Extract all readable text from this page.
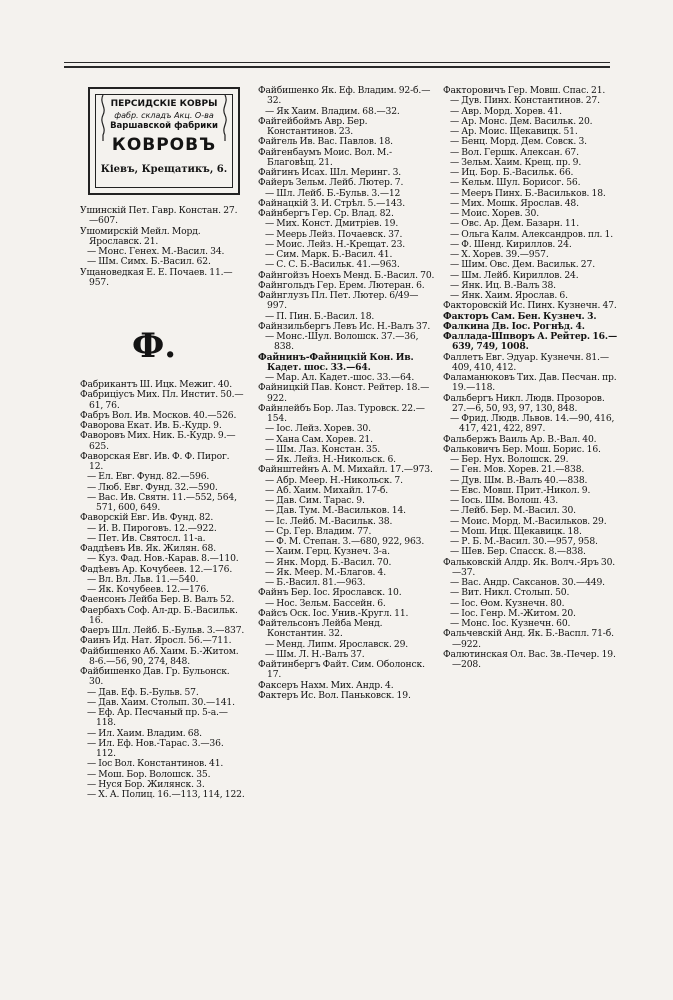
ПЕРСИДСКІЕ КОВРЫ
фабр. складъ Акц. О-ва
Варшавской фабрики
КОВРОВЪ
Кіевъ, Крещатикъ, 6.
Ушинскій Пет. Гавр. Констан. 27.—607.
Ушомирскій Мейл. Морд. Ярославск. 21.
— Монс. Генех. М.-Васил. 34.
— Шм. Симх. Б.-Васил. 62.
Ущановедкая Е. Е. Почаев. 11.—957.
Ф.
Фабрикантъ Ш. Ицк. Межиг. 40.
Фабриціусъ Мих. Пл. Инстит. 50.—61, 76.
Фабръ Вол. Ив. Москов. 40.—526.
Фаворова Екат. Ив. Б.-Кудр. 9.
Фаворовъ Мих. Ник. Б.-Кудр. 9.—625.
Фаворская Евг. Ив. Ф. Ф. Пирог. 12.
— Ел. Евг. Фунд. 82.—596.
— Люб. Евг. Фунд. 32.—590.
— Вас. Ив. Святн. 11.—552, 564, 571, 600, 649.
Фаворскій Евг. Ив. Фунд. 82.
— И. В. Пироговъ. 12.—922.
— Пет. Ив. Святосл. 11-а.
Фаддѣевъ Ив. Як. Жилян. 68.
— Куз. Фад. Нов.-Карав. 8.—110.
Фадѣевъ Ар. Кочубеев. 12.—176.
— Вл. Вл. Льв. 11.—540.
— Як. Кочубеев. 12.—176.
Фаенсонъ Лейба Бер. В. Валъ 52.
Фаербахъ Соф. Ал-др. Б.-Васильк. 16.
Фаеръ Шл. Лейб. Б.-Бульв. 3.—837.
Фаинъ Ид. Нат. Яросл. 56.—711.
Файбишенко Аб. Хаим. Б.-Житом. 8-6.—56, 90, 274, 848.
Файбишенко Дав. Гр. Бульонск. 30.
— Дав. Еф. Б.-Бульв. 57.
— Дав. Хаим. Столып. 30.—141.
— Еф. Ар. Песчаный пр. 5-а.—118.
— Ил. Хаим. Владим. 68.
— Ил. Еф. Нов.-Тарас. 3.—36. 112.
— Іос Вол. Константинов. 41.
— Мош. Бор. Волошск. 35.
— Нуся Бор. Жилянск. 3.
— Х. А. Полиц. 16.—113, 114, 122.
Файбишенко Як. Еф. Владим. 92-б.—32.
— Як Хаим. Владим. 68.—32.
Файгейбоймъ Авр. Бер. Константинов. 23.
Файгель Ив. Вас. Павлов. 18.
Файгенбаумъ Моис. Вол. М.-Благовѣщ. 21.
Файгинъ Исах. Шл. Меринг. 3.
Файеръ Зельм. Лейб. Лютер. 7.
— Шл. Лейб. Б.-Бульв. 3.—12
Файнацкій З. И. Стрѣл. 5.—143.
Файнбергъ Гер. Ср. Влад. 82.
— Мих. Конст. Дмитріев. 19.
— Меерь Лейз. Почаевск. 37.
— Моис. Лейз. Н.-Крещат. 23.
— Сим. Марк. Б.-Васил. 41.
— С. С. Б.-Васильк. 41.—963.
Файнгойзъ Ноехъ Менд. Б.-Васил. 70.
Файнгольдъ Гер. Ерем. Лютеран. 6.
Файнглузъ Пл. Пет. Лютер. 6/49—997.
— П. Пин. Б.-Васил. 18.
Файнзильбергъ Левъ Ис. Н.-Валъ 37.
— Монс.-Шул. Волошск. 37.—36, 838.
Файнинъ-Файницкій Кон. Ив. Кадет. шос. 33.—64.
— Мар. Ал. Кадет.-шос. 33.—64.
Файницкій Пав. Конст. Рейтер. 18.—922.
Файнлейбъ Бор. Лаз. Туровск. 22.—154.
— Іос. Лейз. Хорев. 30.
— Хана Сам. Хорев. 21.
— Шм. Лаз. Констан. 35.
— Як. Лейз. Н.-Никольск. 6.
Файнштейнъ А. М. Михайл. 17.—973.
— Абр. Меер. Н.-Никольск. 7.
— Аб. Хаим. Михайл. 17-б.
— Дав. Сим. Тарас. 9.
— Дав. Тум. М.-Васильков. 14.
— Іс. Лейб. М.-Васильк. 38.
— Ср. Гер. Владим. 77.
— Ф. М. Степан. 3.—680, 922, 963.
— Хаим. Герц. Кузнеч. 3-а.
— Янк. Морд. Б.-Васил. 70.
— Як. Меер. М.-Благов. 4.
— Б.-Васил. 81.—963.
Файнъ Бер. Іос. Ярославск. 10.
— Нос. Зельм. Бассейн. 6.
Файсъ Оск. Іос. Унив.-Кругл. 11.
Файтельсонъ Лейба Менд. Константин. 32.
— Менд. Липм. Ярославск. 29.
— Шм. Л. Н.-Валъ 37.
Файтинбергъ Файт. Сим. Оболонск. 17.
Факсеръ Нахм. Мих. Андр. 4.
Фактеръ Ис. Вол. Паньковск. 19.
Факторовичъ Гер. Мовш. Спас. 21.
— Дув. Пинх. Константинов. 27.
— Авр. Морд. Хорев. 41.
— Ар. Монс. Дем. Васильк. 20.
— Ар. Моис. Щекавицк. 51.
— Бенц. Морд. Дем. Совск. 3.
— Вол. Гершк. Алексан. 67.
— Зельм. Хаим. Крещ. пр. 9.
— Иц. Бор. Б.-Васильк. 66.
— Кельм. Шул. Борисог. 56.
— Мееръ Пинх. Б.-Васильков. 18.
— Мих. Мошк. Ярослав. 48.
— Моис. Хорев. 30.
— Овс. Ар. Дем. Базарн. 11.
— Ольга Калм. Александров. пл. 1.
— Ф. Шенд. Кириллов. 24.
— Х. Хорев. 39.—957.
— Шим. Овс. Дем. Васильк. 27.
— Шм. Лейб. Кириллов. 24.
— Янк. Иц. В.-Валъ 38.
— Янк. Хаим. Ярослав. 6.
Факторовскій Ис. Пинх. Кузнечн. 47.
Факторъ Сам. Бен. Кузнеч. 3.
Фалкина Дв. Іос. Рогнѣд. 4.
Фаллада-Шпворъ А. Рейтер. 16.—639, 749, 1008.
Фаллетъ Евг. Эдуар. Кузнечн. 81.—409, 410, 412.
Фаламанюковъ Тих. Дав. Песчан. пр. 19.—118.
Фальбергъ Никл. Людв. Прозоров. 27.—6, 50, 93, 97, 130, 848.
— Фрид. Людв. Львов. 14.—90, 416, 417, 421, 422, 897.
Фальбержъ Ваиль Ар. В.-Вал. 40.
Фальковичъ Бер. Мош. Борис. 16.
— Бер. Нух. Волошск. 29.
— Ген. Мов. Хорев. 21.—838.
— Дув. Шм. В.-Валъ 40.—838.
— Евс. Мовш. Прит.-Никол. 9.
— Іось. Шм. Волош. 43.
— Лейб. Бер. М.-Васил. 30.
— Моис. Морд. М.-Васильков. 29.
— Мош. Ицк. Щекавицк. 18.
— Р. Б. М.-Васил. 30.—957, 958.
— Шев. Бер. Спасск. 8.—838.
Фальковскій Алдр. Як. Волч.-Яръ 30.—37.
— Вас. Андр. Саксанов. 30.—449.
— Вит. Никл. Столып. 50.
— Іос. Ѳом. Кузнечн. 80.
— Іос. Генр. М.-Житом. 20.
— Монс. Іос. Кузнечн. 60.
Фальчевскій Анд. Як. Б.-Васпл. 71-б.—922.
Фалютинская Ол. Вас. Зв.-Печер. 19.—208.
